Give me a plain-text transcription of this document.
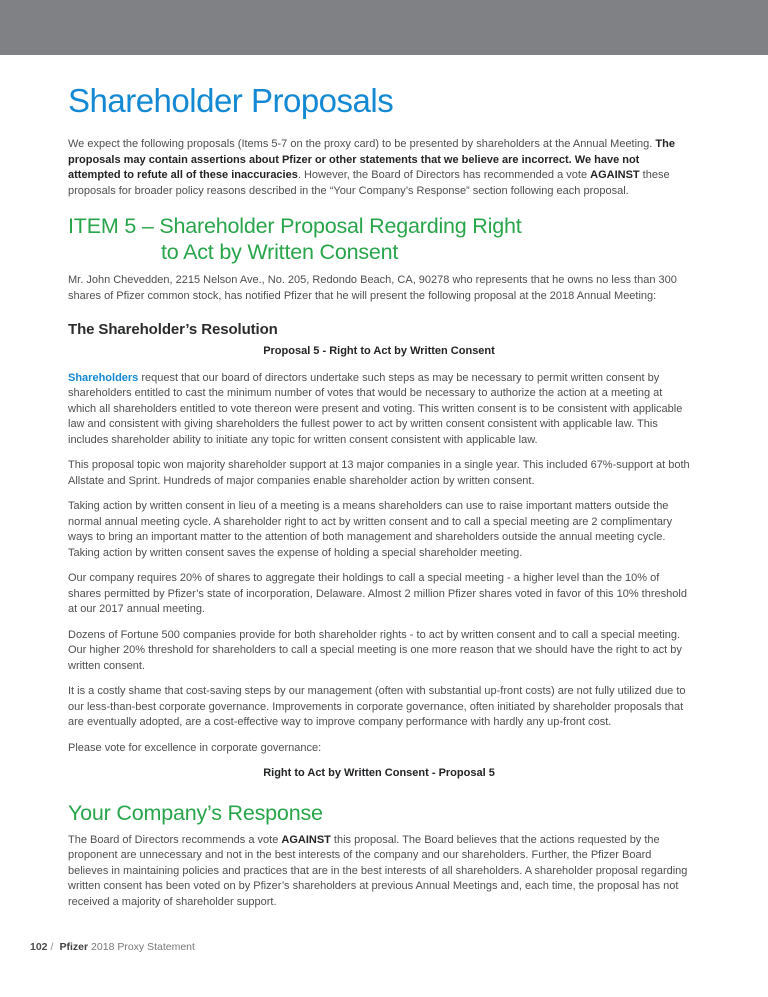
Shareholder Proposals

We expect the following proposals (Items 5-7 on the proxy card) to be presented by shareholders at the Annual Meeting. The proposals may contain assertions about Pfizer or other statements that we believe are incorrect. We have not attempted to refute all of these inaccuracies. However, the Board of Directors has recommended a vote AGAINST these proposals for broader policy reasons described in the “Your Company’s Response” section following each proposal.

ITEM 5 – Shareholder Proposal Regarding Right
to Act by Written Consent

Mr. John Chevedden, 2215 Nelson Ave., No. 205, Redondo Beach, CA, 90278 who represents that he owns no less than 300 shares of Pfizer common stock, has notified Pfizer that he will present the following proposal at the 2018 Annual Meeting:

The Shareholder’s Resolution

Proposal 5 - Right to Act by Written Consent

Shareholders request that our board of directors undertake such steps as may be necessary to permit written consent by shareholders entitled to cast the minimum number of votes that would be necessary to authorize the action at a meeting at which all shareholders entitled to vote thereon were present and voting. This written consent is to be consistent with applicable law and consistent with giving shareholders the fullest power to act by written consent consistent with applicable law. This includes shareholder ability to initiate any topic for written consent consistent with applicable law.

This proposal topic won majority shareholder support at 13 major companies in a single year. This included 67%-support at both Allstate and Sprint. Hundreds of major companies enable shareholder action by written consent.

Taking action by written consent in lieu of a meeting is a means shareholders can use to raise important matters outside the normal annual meeting cycle. A shareholder right to act by written consent and to call a special meeting are 2 complimentary ways to bring an important matter to the attention of both management and shareholders outside the annual meeting cycle. Taking action by written consent saves the expense of holding a special shareholder meeting.

Our company requires 20% of shares to aggregate their holdings to call a special meeting - a higher level than the 10% of shares permitted by Pfizer’s state of incorporation, Delaware. Almost 2 million Pfizer shares voted in favor of this 10% threshold at our 2017 annual meeting.

Dozens of Fortune 500 companies provide for both shareholder rights - to act by written consent and to call a special meeting. Our higher 20% threshold for shareholders to call a special meeting is one more reason that we should have the right to act by written consent.

It is a costly shame that cost-saving steps by our management (often with substantial up-front costs) are not fully utilized due to our less-than-best corporate governance. Improvements in corporate governance, often initiated by shareholder proposals that are eventually adopted, are a cost-effective way to improve company performance with hardly any up-front cost.

Please vote for excellence in corporate governance:

Right to Act by Written Consent - Proposal 5

Your Company’s Response

The Board of Directors recommends a vote AGAINST this proposal. The Board believes that the actions requested by the proponent are unnecessary and not in the best interests of the company and our shareholders. Further, the Pfizer Board believes in maintaining policies and practices that are in the best interests of all shareholders. A shareholder proposal regarding written consent has been voted on by Pfizer’s shareholders at previous Annual Meetings and, each time, the proposal has not received a majority of shareholder support.

102 / Pfizer 2018 Proxy Statement
